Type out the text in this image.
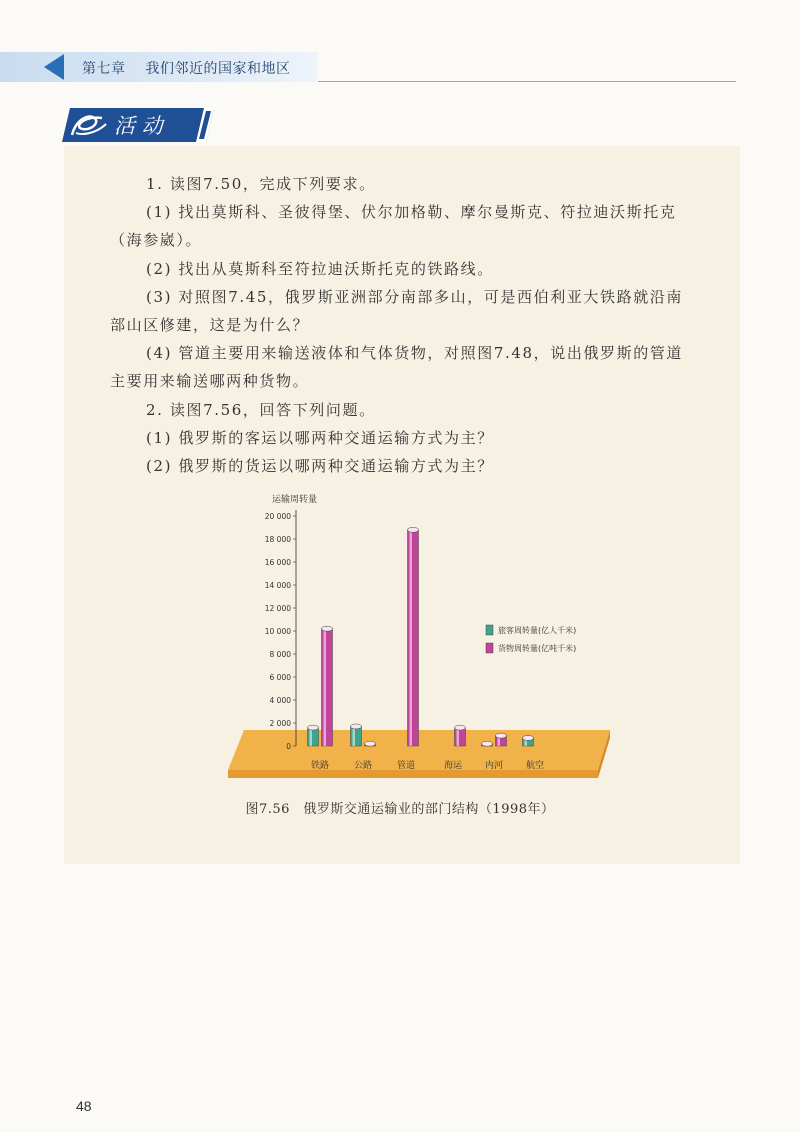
第七章 我们邻近的国家和地区
活 动

1. 读图7.50，完成下列要求。

(1) 找出莫斯科、圣彼得堡、伏尔加格勒、摩尔曼斯克、符拉迪沃斯托克（海参崴）。

(2) 找出从莫斯科至符拉迪沃斯托克的铁路线。

(3) 对照图7.45，俄罗斯亚洲部分南部多山，可是西伯利亚大铁路就沿南部山区修建，这是为什么？

(4) 管道主要用来输送液体和气体货物，对照图7.48，说出俄罗斯的管道主要用来输送哪两种货物。

2. 读图7.56，回答下列问题。

(1) 俄罗斯的客运以哪两种交通运输方式为主？

(2) 俄罗斯的货运以哪两种交通运输方式为主？

运输周转量
0
2 000
4 000
6 000
8 000
10 000
12 000
14 000
16 000
18 000
20 000
铁路	公路	管道	海运	内河	航空
旅客周转量(亿人千米)
货物周转量(亿吨千米)
图7.56　俄罗斯交通运输业的部门结构（1998年）
48
